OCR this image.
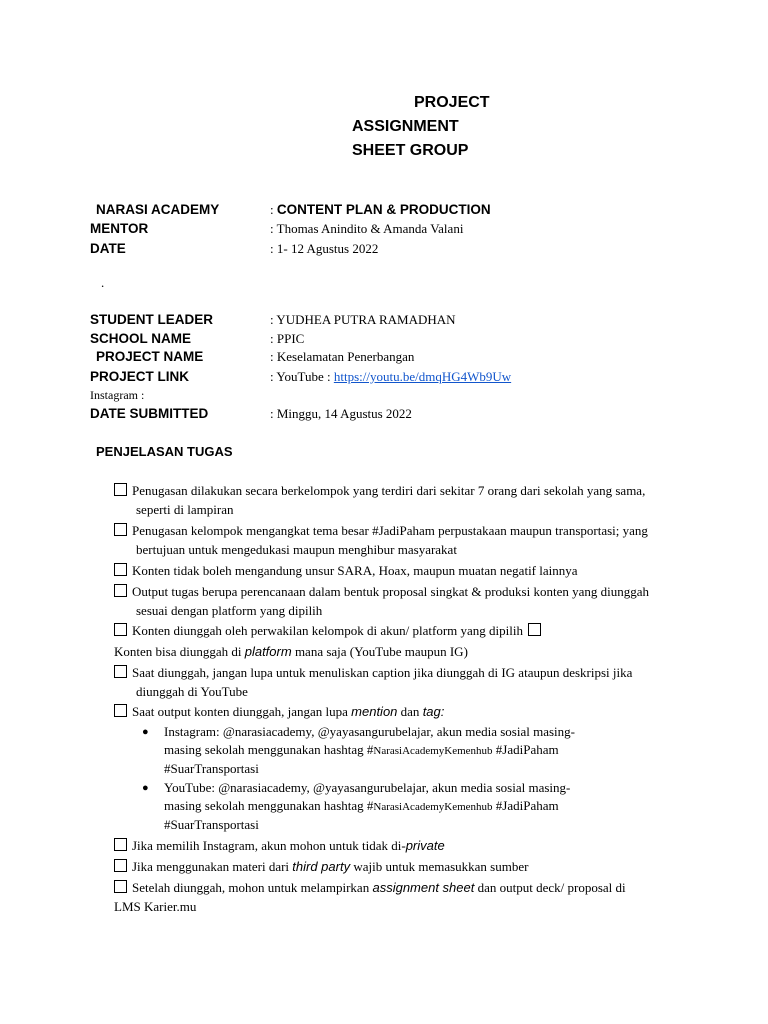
PROJECT
ASSIGNMENT
SHEET GROUP
NARASI ACADEMY	: CONTENT PLAN & PRODUCTION
MENTOR	: Thomas Anindito & Amanda Valani
DATE	: 1- 12 Agustus 2022
.
STUDENT LEADER	: YUDHEA PUTRA RAMADHAN
SCHOOL NAME	: PPIC
PROJECT NAME	: Keselamatan Penerbangan
PROJECT LINK	: YouTube : https://youtu.be/dmqHG4Wb9Uw
Instagram :
DATE SUBMITTED	: Minggu, 14 Agustus 2022
PENJELASAN TUGAS
Penugasan dilakukan secara berkelompok yang terdiri dari sekitar 7 orang dari sekolah yang sama,
seperti di lampiran
Penugasan kelompok mengangkat tema besar #JadiPaham perpustakaan maupun transportasi; yang
bertujuan untuk mengedukasi maupun menghibur masyarakat
Konten tidak boleh mengandung unsur SARA, Hoax, maupun muatan negatif lainnya
Output tugas berupa perencanaan dalam bentuk proposal singkat & produksi konten yang diunggah
sesuai dengan platform yang dipilih
Konten diunggah oleh perwakilan kelompok di akun/ platform yang dipilih
Konten bisa diunggah di platform mana saja (YouTube maupun IG)
Saat diunggah, jangan lupa untuk menuliskan caption jika diunggah di IG ataupun deskripsi jika
diunggah di YouTube
Saat output konten diunggah, jangan lupa mention dan tag:
● Instagram: @narasiacademy, @yayasangurubelajar, akun media sosial masing-
masing sekolah menggunakan hashtag #NarasiAcademyKemenhub #JadiPaham
#SuarTransportasi
● YouTube: @narasiacademy, @yayasangurubelajar, akun media sosial masing-
masing sekolah menggunakan hashtag #NarasiAcademyKemenhub #JadiPaham
#SuarTransportasi
Jika memilih Instagram, akun mohon untuk tidak di-private
Jika menggunakan materi dari third party wajib untuk memasukkan sumber
Setelah diunggah, mohon untuk melampirkan assignment sheet dan output deck/ proposal di
LMS Karier.mu
